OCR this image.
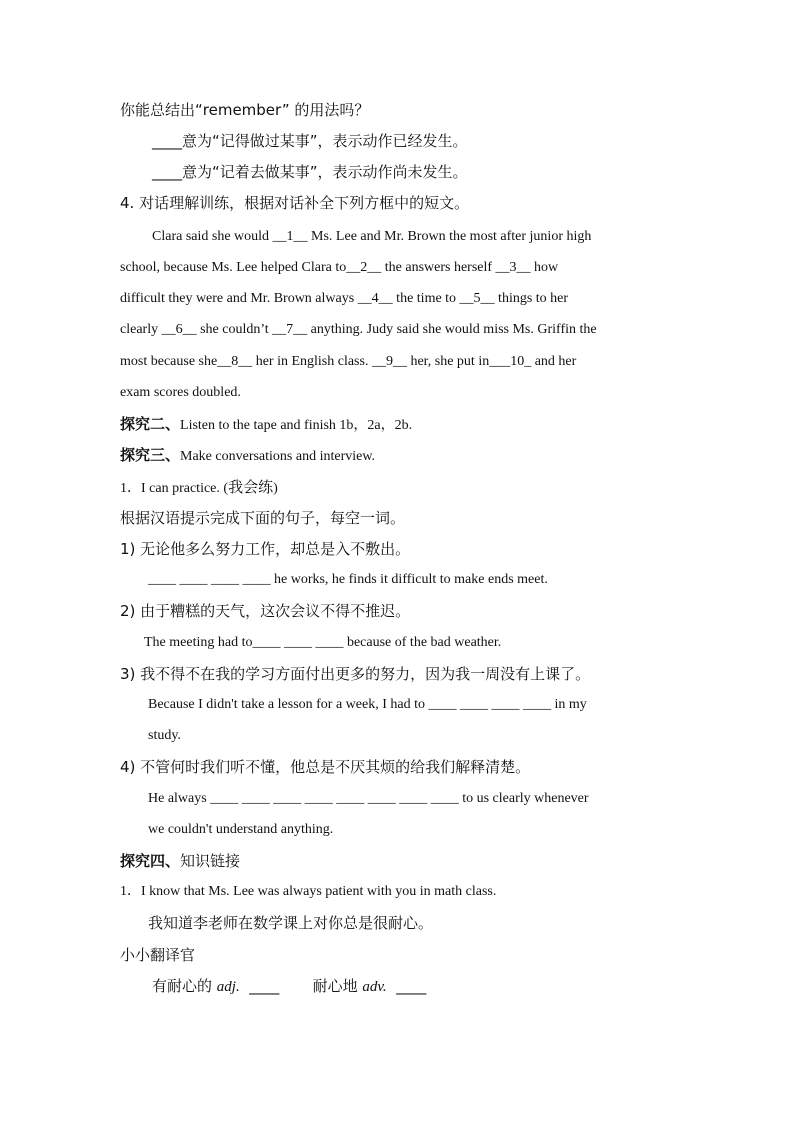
你能总结出“remember” 的用法吗？
____意为“记得做过某事”，表示动作已经发生。
____意为“记着去做某事”，表示动作尚未发生。
4. 对话理解训练，根据对话补全下列方框中的短文。
Clara said she would __1__ Ms. Lee and Mr. Brown the most after junior high
school, because Ms. Lee helped Clara to__2__ the answers herself __3__ how
difficult they were and Mr. Brown always __4__ the time to __5__ things to her
clearly __6__ she couldn’t __7__ anything. Judy said she would miss Ms. Griffin the
most because she__8__ her in English class. __9__ her, she put in___10_ and her
exam scores doubled.
探究二、Listen to the tape and finish 1b，2a，2b.
探究三、Make conversations and interview.
1．I can practice. (我会练)
根据汉语提示完成下面的句子，每空一词。
1) 无论他多么努力工作，却总是入不敷出。
____ ____ ____ ____ he works, he finds it difficult to make ends meet.
2) 由于糟糕的天气，这次会议不得不推迟。
The meeting had to____ ____ ____ because of the bad weather.
3) 我不得不在我的学习方面付出更多的努力，因为我一周没有上课了。
Because I didn't take a lesson for a week, I had to ____ ____ ____ ____ in my
study.
4) 不管何时我们听不懂，他总是不厌其烦的给我们解释清楚。
He always ____ ____ ____ ____ ____ ____ ____ ____ to us clearly whenever
we couldn't understand anything.
探究四、知识链接
1．I know that Ms. Lee was always patient with you in math class.
我知道李老师在数学课上对你总是很耐心。
小小翻译官
有耐心的 adj.  ____       耐心地 adv.  ____
